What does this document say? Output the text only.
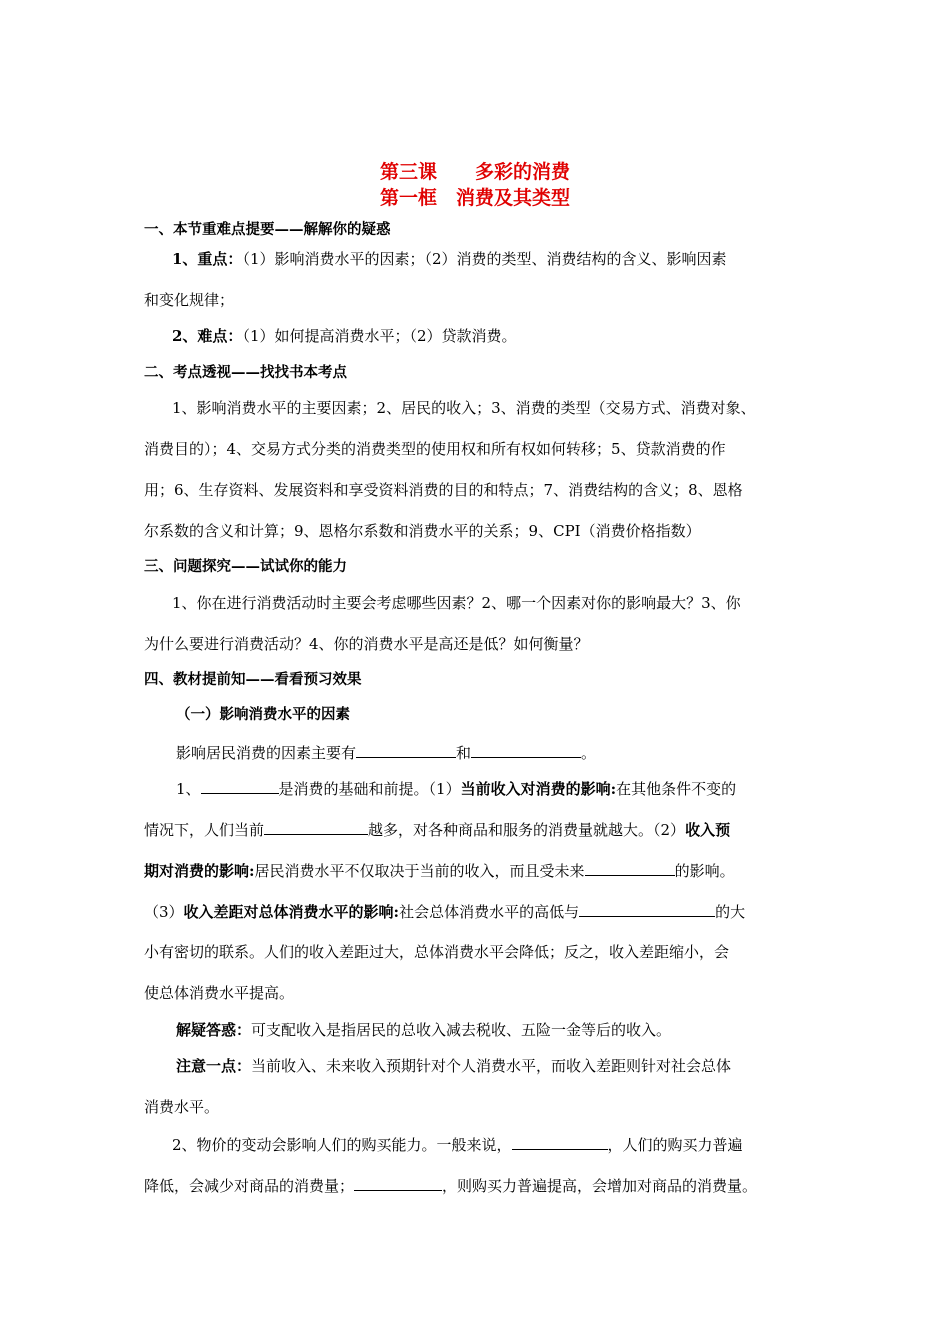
第三课　　多彩的消费
第一框　消费及其类型
一、本节重难点提要——解解你的疑惑
1、重点：（1）影响消费水平的因素；（2）消费的类型、消费结构的含义、影响因素
和变化规律；
2、难点：（1）如何提高消费水平；（2）贷款消费。
二、考点透视——找找书本考点
1、影响消费水平的主要因素；2、居民的收入；3、消费的类型（交易方式、消费对象、
消费目的）；4、交易方式分类的消费类型的使用权和所有权如何转移；5、贷款消费的作
用；6、生存资料、发展资料和享受资料消费的目的和特点；7、消费结构的含义；8、恩格
尔系数的含义和计算；9、恩格尔系数和消费水平的关系；9、CPI（消费价格指数）
三、问题探究——试试你的能力
1、你在进行消费活动时主要会考虑哪些因素？2、哪一个因素对你的影响最大？3、你
为什么要进行消费活动？4、你的消费水平是高还是低？如何衡量？
四、教材提前知——看看预习效果
（一）影响消费水平的因素
影响居民消费的因素主要有	和	。
1、	是消费的基础和前提。（1）当前收入对消费的影响:在其他条件不变的
情况下，人们当前	越多，对各种商品和服务的消费量就越大。（2）收入预
期对消费的影响:居民消费水平不仅取决于当前的收入，而且受未来	的影响。
（3）收入差距对总体消费水平的影响:社会总体消费水平的高低与	的大
小有密切的联系。人们的收入差距过大，总体消费水平会降低；反之，收入差距缩小，会
使总体消费水平提高。
解疑答惑：可支配收入是指居民的总收入减去税收、五险一金等后的收入。
注意一点：当前收入、未来收入预期针对个人消费水平，而收入差距则针对社会总体
消费水平。
2、物价的变动会影响人们的购买能力。一般来说，	，人们的购买力普遍
降低，会减少对商品的消费量；	，则购买力普遍提高，会增加对商品的消费量。
